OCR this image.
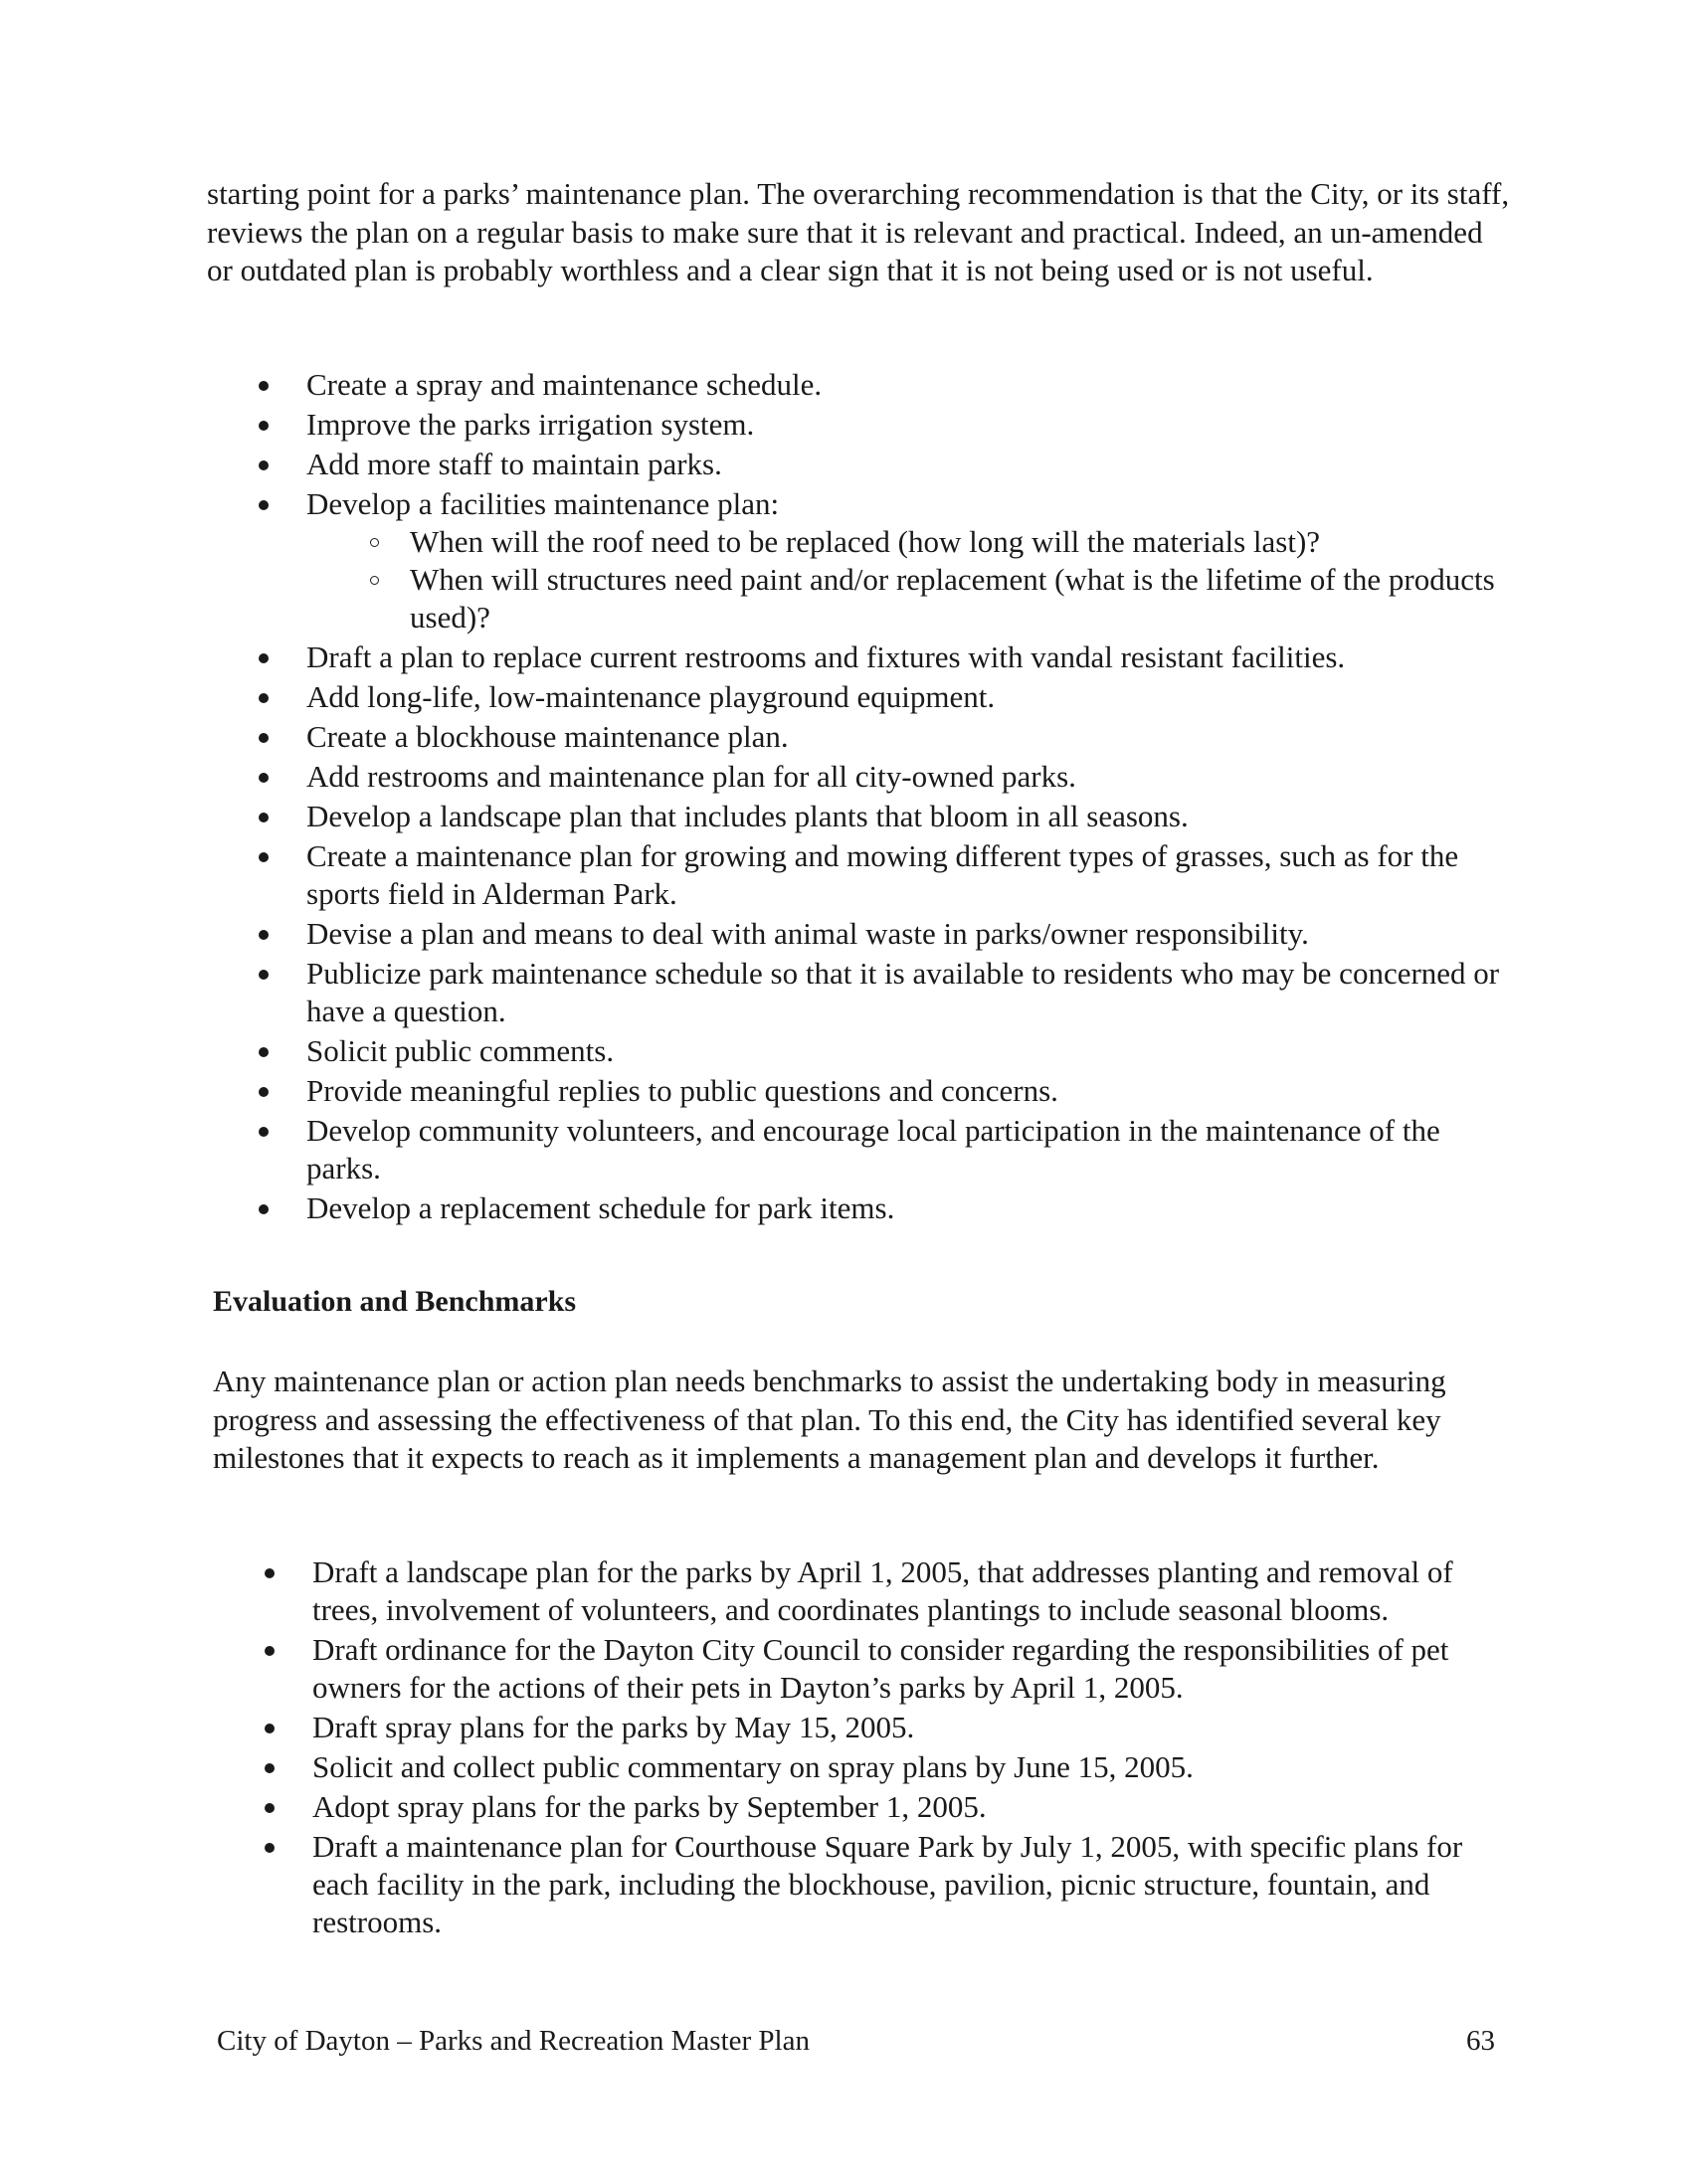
starting point for a parks’ maintenance plan. The overarching recommendation is that the City, or its staff, reviews the plan on a regular basis to make sure that it is relevant and practical. Indeed, an un-amended or outdated plan is probably worthless and a clear sign that it is not being used or is not useful.

Create a spray and maintenance schedule.
Improve the parks irrigation system.
Add more staff to maintain parks.
Develop a facilities maintenance plan:
When will the roof need to be replaced (how long will the materials last)?
When will structures need paint and/or replacement (what is the lifetime of the products used)?
Draft a plan to replace current restrooms and fixtures with vandal resistant facilities.
Add long-life, low-maintenance playground equipment.
Create a blockhouse maintenance plan.
Add restrooms and maintenance plan for all city-owned parks.
Develop a landscape plan that includes plants that bloom in all seasons.
Create a maintenance plan for growing and mowing different types of grasses, such as for the sports field in Alderman Park.
Devise a plan and means to deal with animal waste in parks/owner responsibility.
Publicize park maintenance schedule so that it is available to residents who may be concerned or have a question.
Solicit public comments.
Provide meaningful replies to public questions and concerns.
Develop community volunteers, and encourage local participation in the maintenance of the parks.
Develop a replacement schedule for park items.
Evaluation and Benchmarks

Any maintenance plan or action plan needs benchmarks to assist the undertaking body in measuring progress and assessing the effectiveness of that plan. To this end, the City has identified several key milestones that it expects to reach as it implements a management plan and develops it further.

Draft a landscape plan for the parks by April 1, 2005, that addresses planting and removal of trees, involvement of volunteers, and coordinates plantings to include seasonal blooms.
Draft ordinance for the Dayton City Council to consider regarding the responsibilities of pet owners for the actions of their pets in Dayton’s parks by April 1, 2005.
Draft spray plans for the parks by May 15, 2005.
Solicit and collect public commentary on spray plans by June 15, 2005.
Adopt spray plans for the parks by September 1, 2005.
Draft a maintenance plan for Courthouse Square Park by July 1, 2005, with specific plans for each facility in the park, including the blockhouse, pavilion, picnic structure, fountain, and restrooms.

City of Dayton – Parks and Recreation Master Plan	63
